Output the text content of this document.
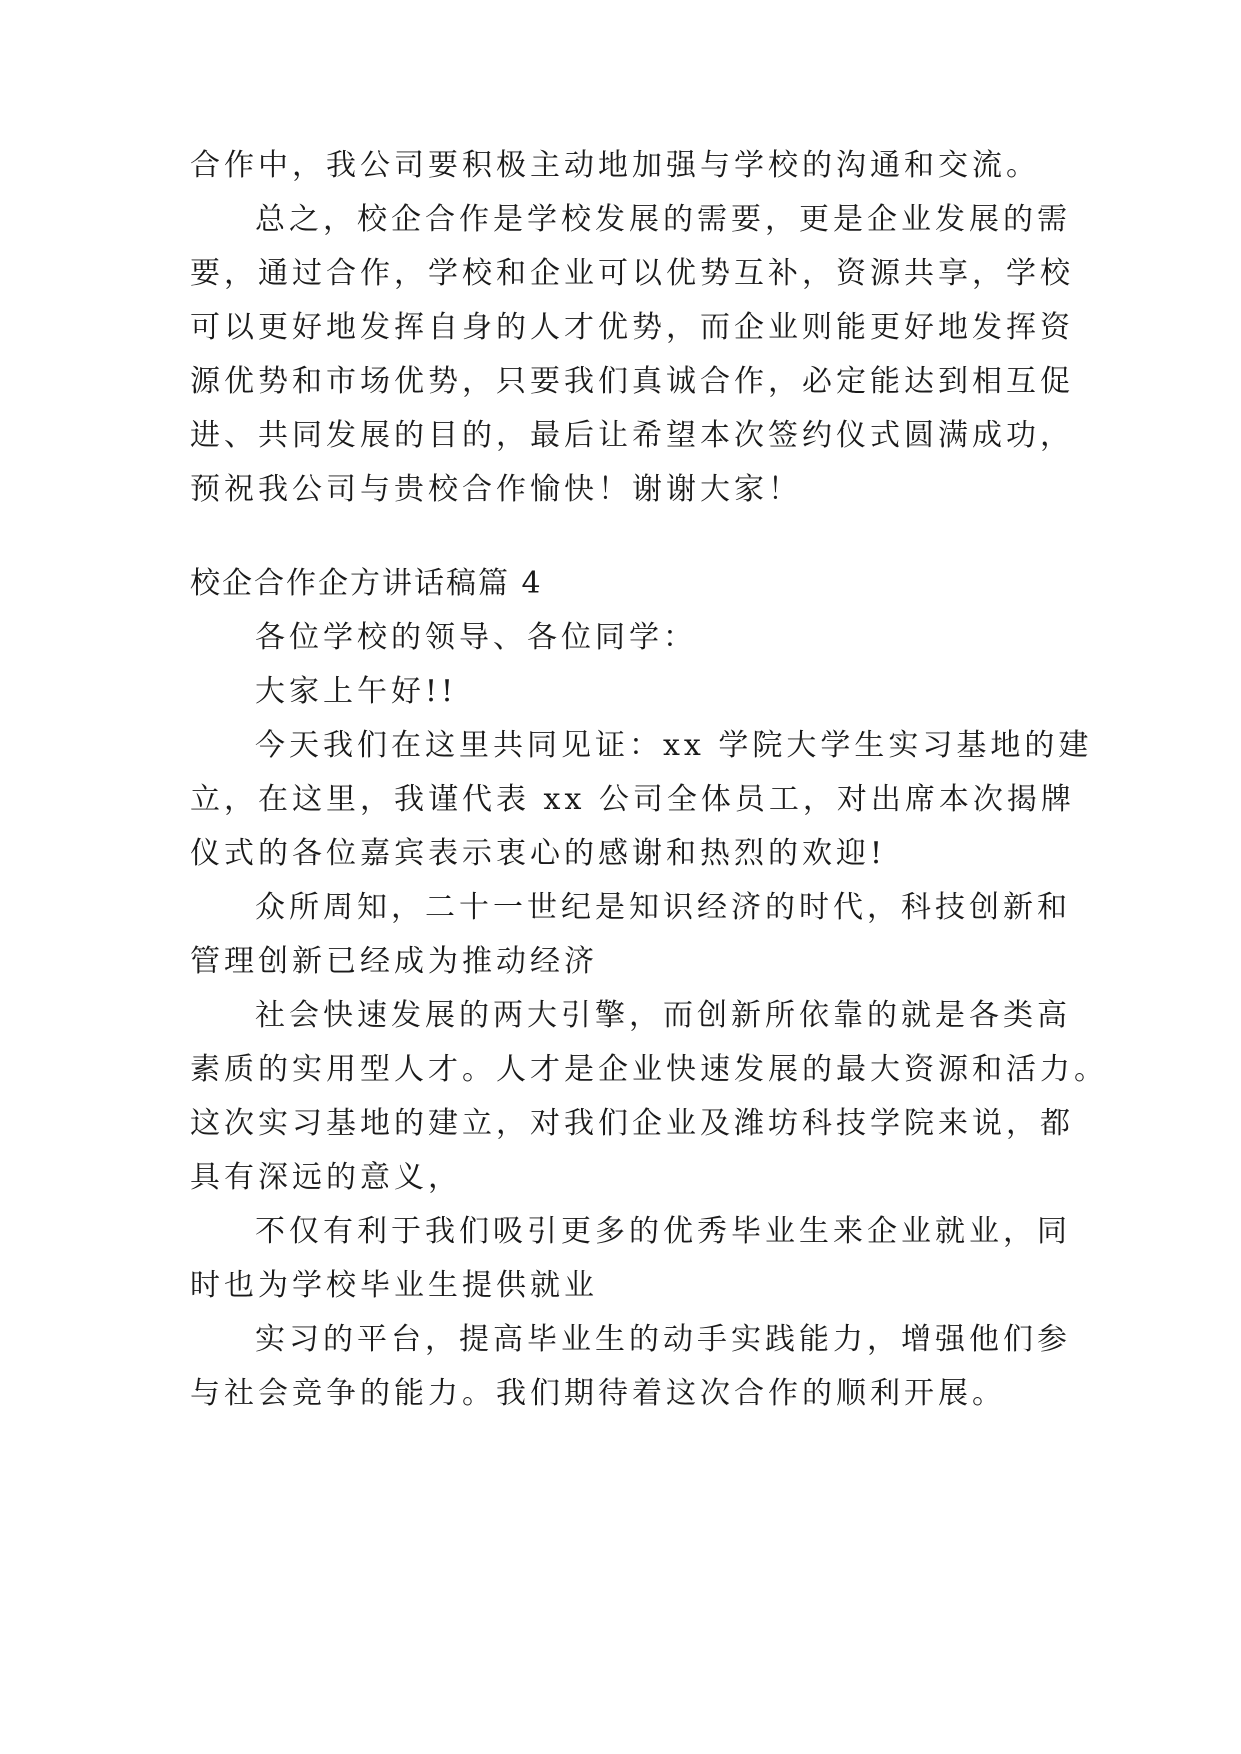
合作中，我公司要积极主动地加强与学校的沟通和交流。
总之，校企合作是学校发展的需要，更是企业发展的需
要，通过合作，学校和企业可以优势互补，资源共享，学校
可以更好地发挥自身的人才优势，而企业则能更好地发挥资
源优势和市场优势，只要我们真诚合作，必定能达到相互促
进、共同发展的目的，最后让希望本次签约仪式圆满成功，
预祝我公司与贵校合作愉快！谢谢大家！
校企合作企方讲话稿篇 4
各位学校的领导、各位同学：
大家上午好!!
今天我们在这里共同见证：xx 学院大学生实习基地的建
立，在这里，我谨代表 xx 公司全体员工，对出席本次揭牌
仪式的各位嘉宾表示衷心的感谢和热烈的欢迎!
众所周知，二十一世纪是知识经济的时代，科技创新和
管理创新已经成为推动经济
社会快速发展的两大引擎，而创新所依靠的就是各类高
素质的实用型人才。人才是企业快速发展的最大资源和活力。
这次实习基地的建立，对我们企业及潍坊科技学院来说，都
具有深远的意义，
不仅有利于我们吸引更多的优秀毕业生来企业就业，同
时也为学校毕业生提供就业
实习的平台，提高毕业生的动手实践能力，增强他们参
与社会竞争的能力。我们期待着这次合作的顺利开展。
